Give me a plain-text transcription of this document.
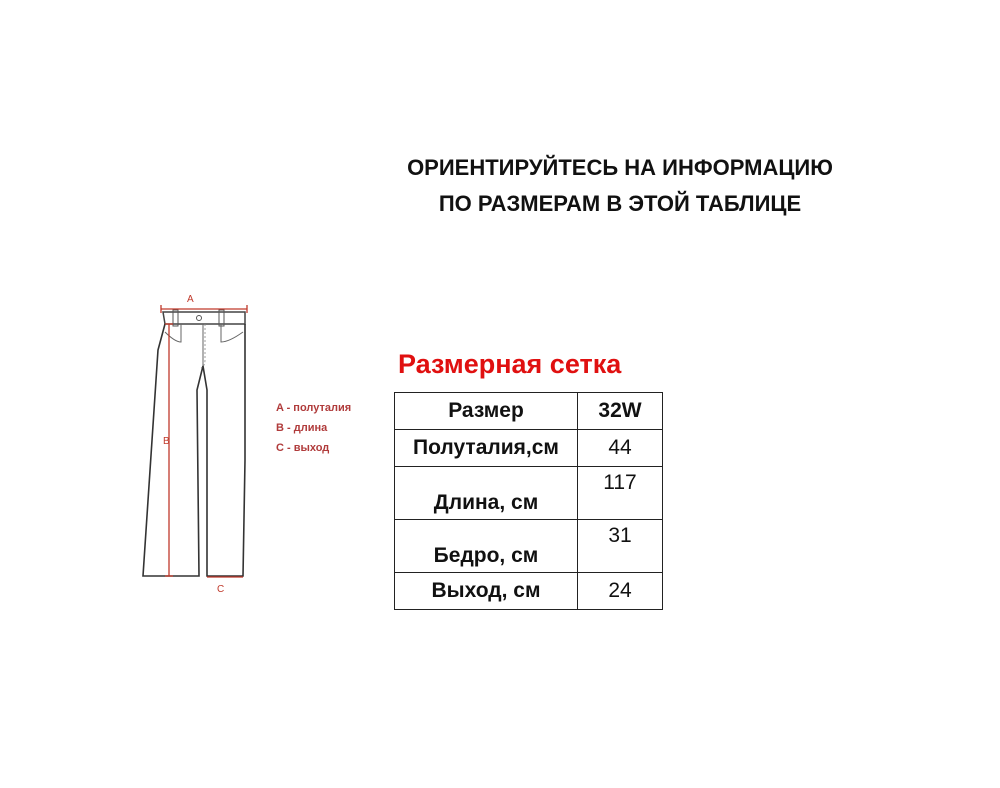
ОРИЕНТИРУЙТЕСЬ НА ИНФОРМАЦИЮ
ПО РАЗМЕРАМ В ЭТОЙ ТАБЛИЦЕ
A
B
C
A - полуталия
B - длина
C - выход
Размерная сетка
Размер	32W
Полуталия,см	44
Длина, см	117
Бедро, см	31
Выход, см	24
